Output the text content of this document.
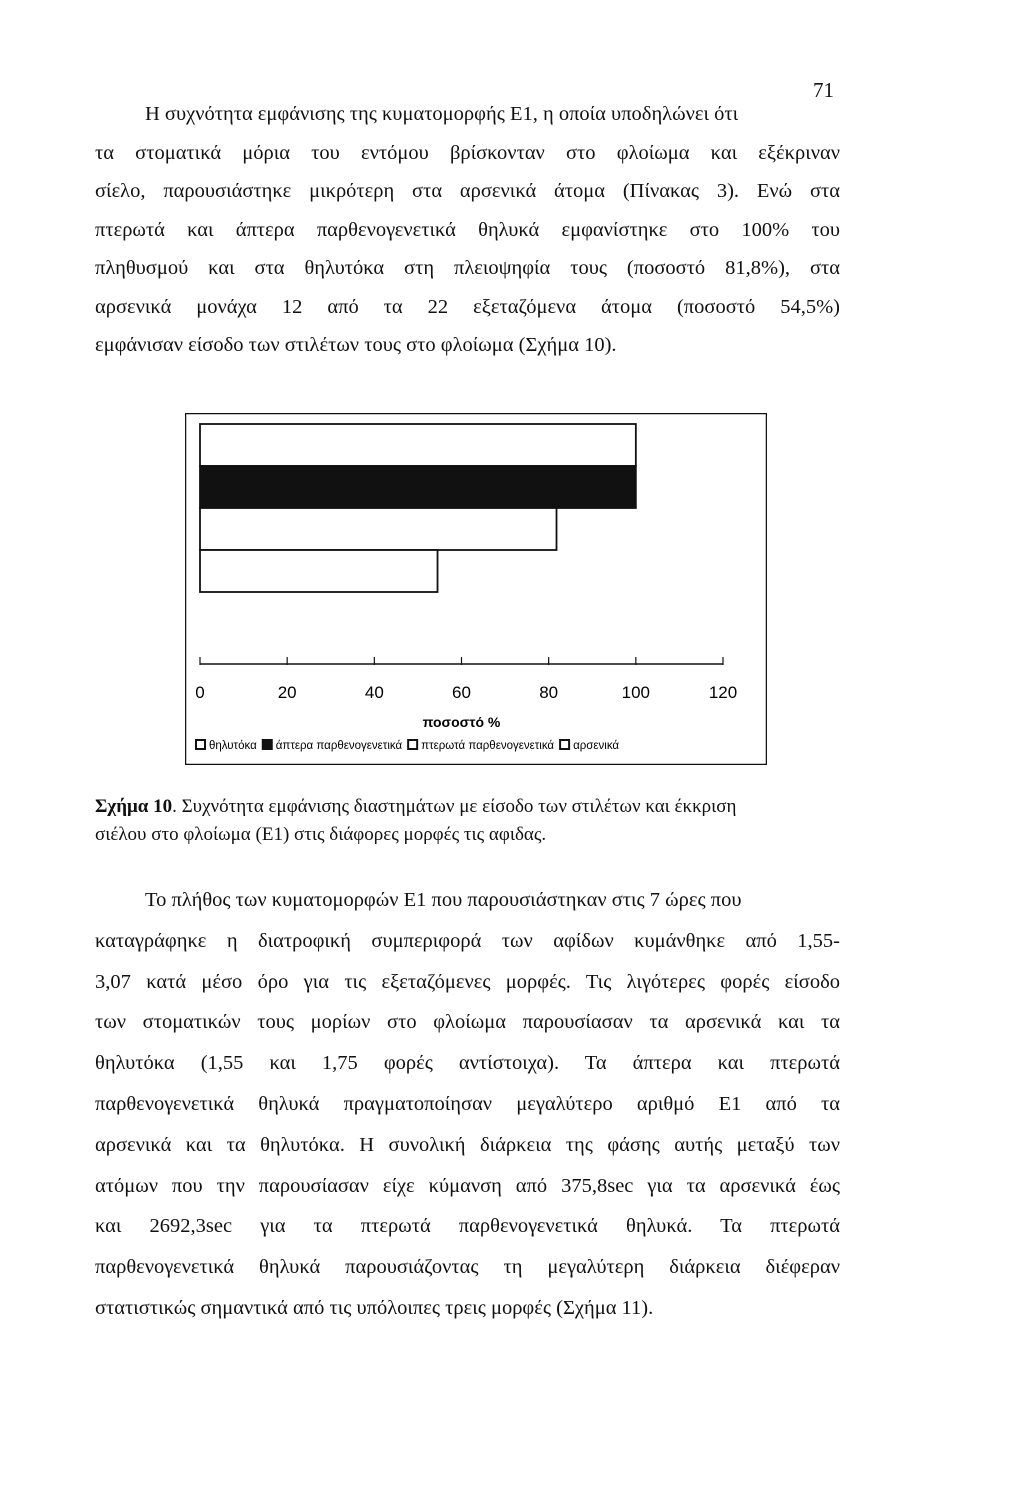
71
Η συχνότητα εμφάνισης της κυματομορφής Ε1, η οποία υποδηλώνει ότι
τα στοματικά μόρια του εντόμου βρίσκονταν στο φλοίωμα και εξέκριναν
σίελο, παρουσιάστηκε μικρότερη στα αρσενικά άτομα (Πίνακας 3). Ενώ στα
πτερωτά και άπτερα παρθενογενετικά θηλυκά εμφανίστηκε στο 100% του
πληθυσμού και στα θηλυτόκα στη πλειοψηφία τους (ποσοστό 81,8%), στα
αρσενικά μονάχα 12 από τα 22 εξεταζόμενα άτομα (ποσοστό 54,5%)
εμφάνισαν είσοδο των στιλέτων τους στο φλοίωμα (Σχήμα 10).
0	20	40	60	80	100	120
ποσοστό %
θηλυτόκα άπτερα παρθενογενετικά πτερωτά παρθενογενετικά αρσενικά
Σχήμα 10. Συχνότητα εμφάνισης διαστημάτων με είσοδο των στιλέτων και έκκριση
σιέλου στο φλοίωμα (Ε1) στις διάφορες μορφές τις αφιδας.
Το πλήθος των κυματομορφών Ε1 που παρουσιάστηκαν στις 7 ώρες που
καταγράφηκε η διατροφική συμπεριφορά των αφίδων κυμάνθηκε από 1,55-
3,07 κατά μέσο όρο για τις εξεταζόμενες μορφές. Τις λιγότερες φορές είσοδο
των στοματικών τους μορίων στο φλοίωμα παρουσίασαν τα αρσενικά και τα
θηλυτόκα (1,55 και 1,75 φορές αντίστοιχα). Τα άπτερα και πτερωτά
παρθενογενετικά θηλυκά πραγματοποίησαν μεγαλύτερο αριθμό Ε1 από τα
αρσενικά και τα θηλυτόκα. Η συνολική διάρκεια της φάσης αυτής μεταξύ των
ατόμων που την παρουσίασαν είχε κύμανση από 375,8sec για τα αρσενικά έως
και 2692,3sec για τα πτερωτά παρθενογενετικά θηλυκά. Τα πτερωτά
παρθενογενετικά θηλυκά παρουσιάζοντας τη μεγαλύτερη διάρκεια διέφεραν
στατιστικώς σημαντικά από τις υπόλοιπες τρεις μορφές (Σχήμα 11).
